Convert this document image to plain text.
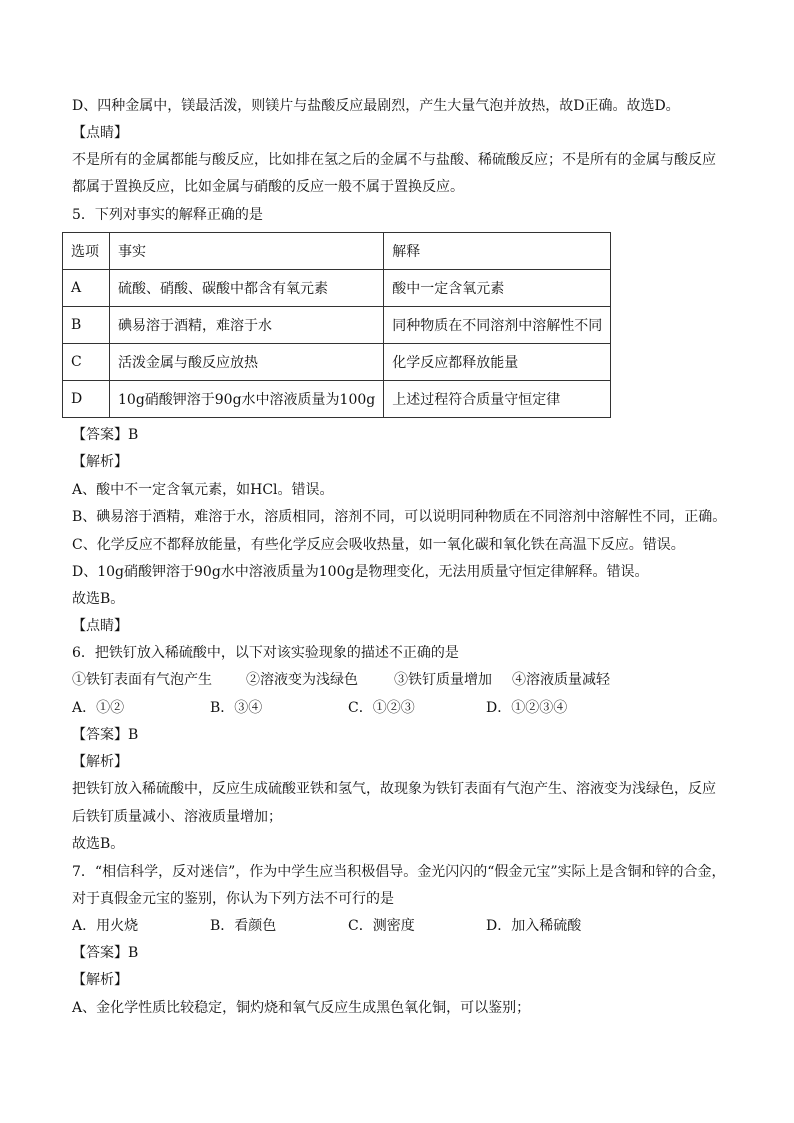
D、四种金属中，镁最活泼，则镁片与盐酸反应最剧烈，产生大量气泡并放热，故D正确。故选D。
【点睛】
不是所有的金属都能与酸反应，比如排在氢之后的金属不与盐酸、稀硫酸反应；不是所有的金属与酸反应
都属于置换反应，比如金属与硝酸的反应一般不属于置换反应。
5．下列对事实的解释正确的是
选项	事实	解释
A	硫酸、硝酸、碳酸中都含有氧元素	酸中一定含氧元素
B	碘易溶于酒精，难溶于水	同种物质在不同溶剂中溶解性不同
C	活泼金属与酸反应放热	化学反应都释放能量
D	10g硝酸钾溶于90g水中溶液质量为100g	上述过程符合质量守恒定律
【答案】B
【解析】
A、酸中不一定含氧元素，如HCl。错误。
B、碘易溶于酒精，难溶于水，溶质相同，溶剂不同，可以说明同种物质在不同溶剂中溶解性不同，正确。
C、化学反应不都释放能量，有些化学反应会吸收热量，如一氧化碳和氧化铁在高温下反应。错误。
D、10g硝酸钾溶于90g水中溶液质量为100g是物理变化，无法用质量守恒定律解释。错误。
故选B。
【点睛】
6．把铁钉放入稀硫酸中，以下对该实验现象的描述不正确的是
①铁钉表面有气泡产生 ②溶液变为浅绿色	③铁钉质量增加 ④溶液质量减轻
A．①②	B．③④	C．①②③	D．①②③④
【答案】B
【解析】
把铁钉放入稀硫酸中，反应生成硫酸亚铁和氢气，故现象为铁钉表面有气泡产生、溶液变为浅绿色，反应
后铁钉质量减小、溶液质量增加；
故选B。
7．“相信科学，反对迷信”，作为中学生应当积极倡导。金光闪闪的“假金元宝”实际上是含铜和锌的合金，
对于真假金元宝的鉴别，你认为下列方法不可行的是
A．用火烧	B．看颜色	C．测密度	D．加入稀硫酸
【答案】B
【解析】
A、金化学性质比较稳定，铜灼烧和氧气反应生成黑色氧化铜，可以鉴别；
